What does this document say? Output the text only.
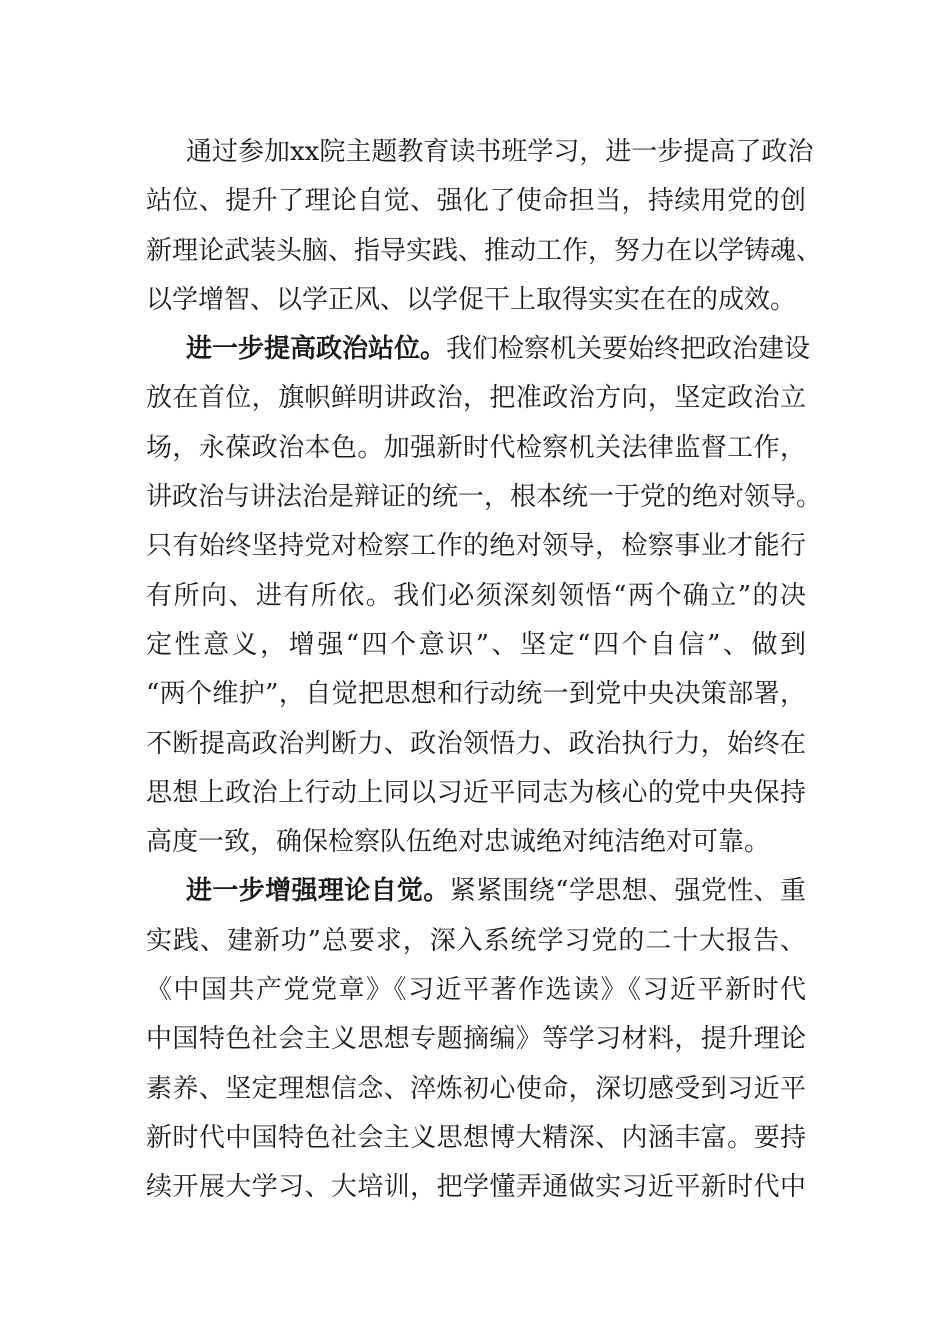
通过参加xx院主题教育读书班学习，进一步提高了政治
站位、提升了理论自觉、强化了使命担当，持续用党的创
新理论武装头脑、指导实践、推动工作，努力在以学铸魂、
以学增智、以学正风、以学促干上取得实实在在的成效。
进一步提高政治站位。我们检察机关要始终把政治建设
放在首位，旗帜鲜明讲政治，把准政治方向，坚定政治立
场，永葆政治本色。加强新时代检察机关法律监督工作，
讲政治与讲法治是辩证的统一，根本统一于党的绝对领导。
只有始终坚持党对检察工作的绝对领导，检察事业才能行
有所向、进有所依。我们必须深刻领悟“两个确立”的决
定性意义，增强“四个意识”、坚定“四个自信”、做到
“两个维护”，自觉把思想和行动统一到党中央决策部署，
不断提高政治判断力、政治领悟力、政治执行力，始终在
思想上政治上行动上同以习近平同志为核心的党中央保持
高度一致，确保检察队伍绝对忠诚绝对纯洁绝对可靠。
进一步增强理论自觉。紧紧围绕“学思想、强党性、重
实践、建新功”总要求，深入系统学习党的二十大报告、
《中国共产党党章》《习近平著作选读》《习近平新时代
中国特色社会主义思想专题摘编》等学习材料，提升理论
素养、坚定理想信念、淬炼初心使命，深切感受到习近平
新时代中国特色社会主义思想博大精深、内涵丰富。要持
续开展大学习、大培训，把学懂弄通做实习近平新时代中
